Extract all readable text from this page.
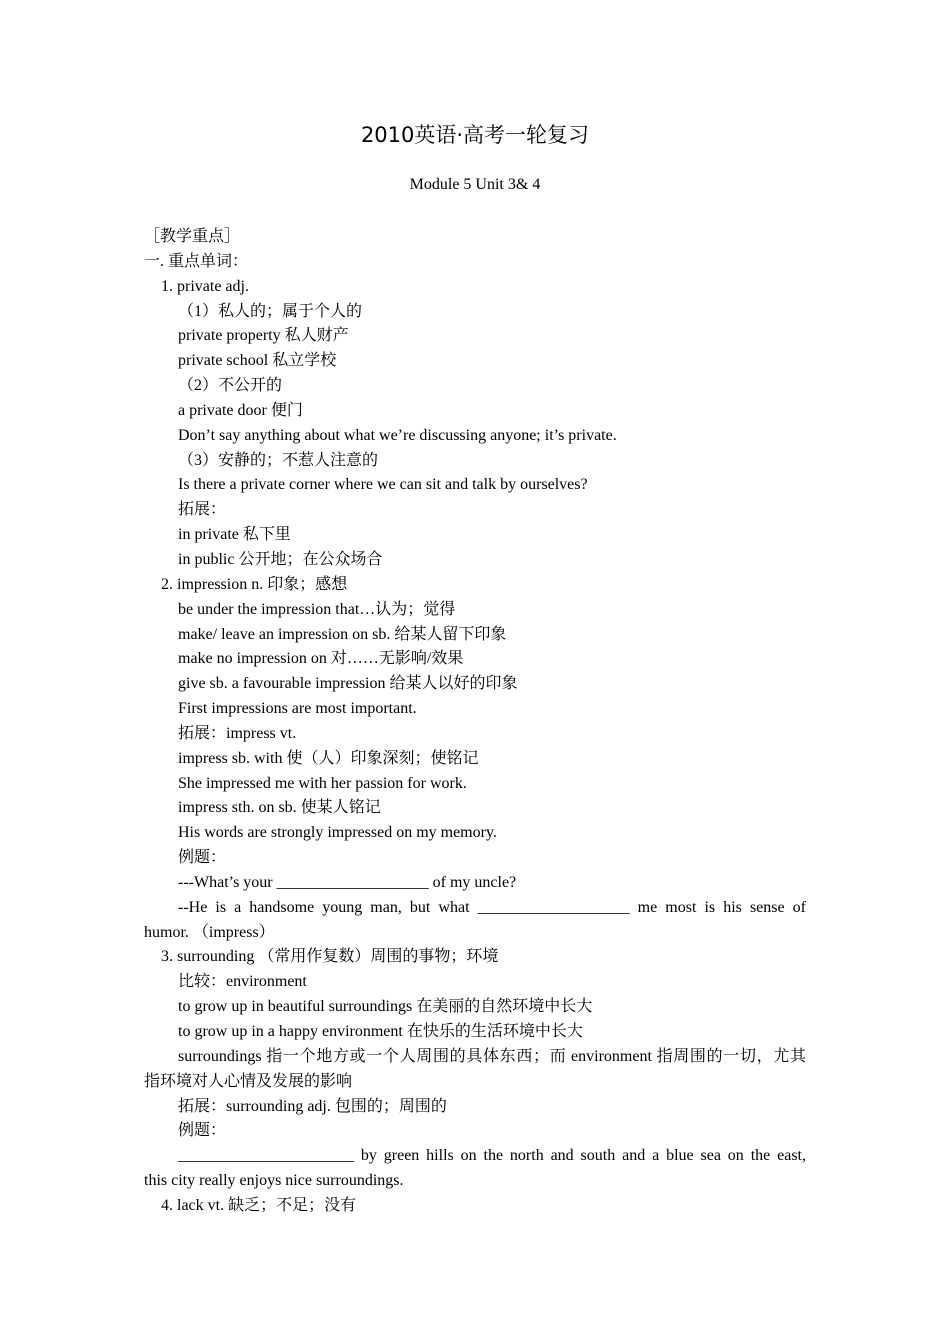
2010英语·高考一轮复习
Module 5 Unit 3& 4
［教学重点］
一. 重点单词：
1. private adj.
（1）私人的；属于个人的
private property 私人财产
private school 私立学校
（2）不公开的
a private door 便门
Don’t say anything about what we’re discussing anyone; it’s private.
（3）安静的；不惹人注意的
Is there a private corner where we can sit and talk by ourselves?
拓展：
in private 私下里
in public 公开地；在公众场合
2. impression n. 印象；感想
be under the impression that…认为；觉得
make/ leave an impression on sb. 给某人留下印象
make no impression on 对……无影响/效果
give sb. a favourable impression 给某人以好的印象
First impressions are most important.
拓展：impress vt.
impress sb. with 使（人）印象深刻；使铭记
She impressed me with her passion for work.
impress sth. on sb. 使某人铭记
His words are strongly impressed on my memory.
例题：
---What’s your ___________________ of my uncle?
--He is a handsome young man, but what ___________________ me most is his sense of
humor. （impress）
3. surrounding （常用作复数）周围的事物；环境
比较：environment
to grow up in beautiful surroundings 在美丽的自然环境中长大
to grow up in a happy environment 在快乐的生活环境中长大
surroundings 指一个地方或一个人周围的具体东西；而 environment 指周围的一切，尤其
指环境对人心情及发展的影响
拓展：surrounding adj. 包围的；周围的
例题：
______________________ by green hills on the north and south and a blue sea on the east,
this city really enjoys nice surroundings.
4. lack vt. 缺乏；不足；没有
